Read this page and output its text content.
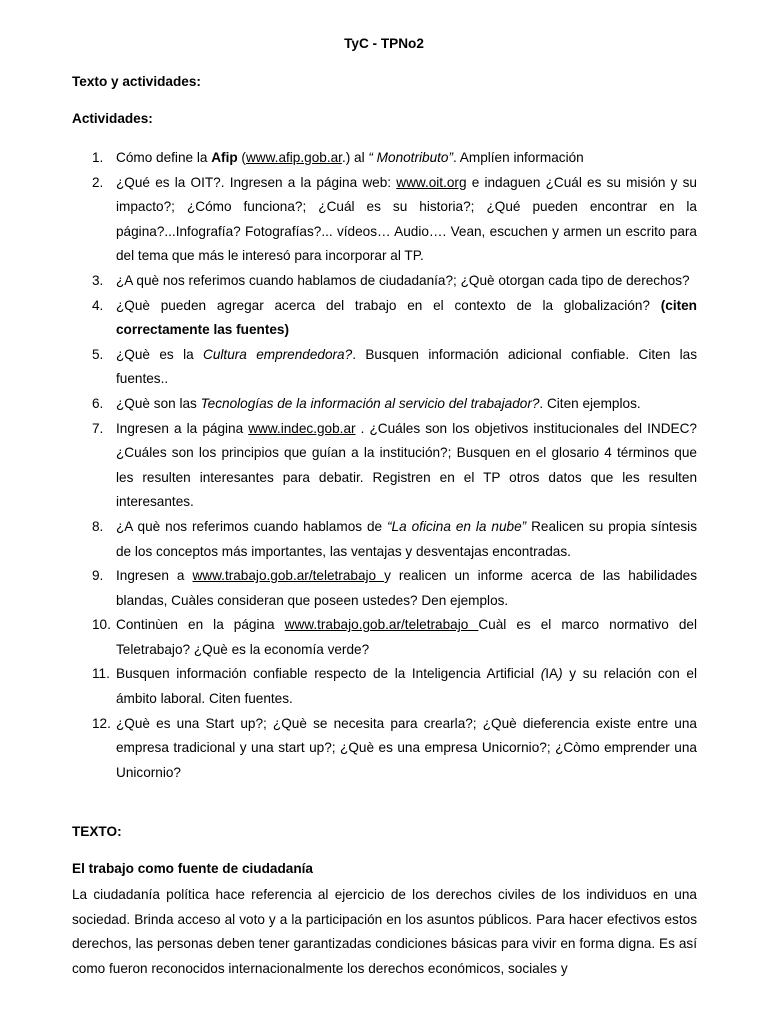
TyC - TPNo2

Texto y actividades:

Actividades:

1. Cómo define la Afip (www.afip.gob.ar.) al “ Monotributo”. Amplíen información
2. ¿Qué es la OIT?. Ingresen a la página web: www.oit.org e indaguen ¿Cuál es su misión y su impacto?; ¿Cómo funciona?; ¿Cuál es su historia?; ¿Qué pueden encontrar en la página?...Infografía? Fotografías?... vídeos… Audio…. Vean, escuchen y armen un escrito para del tema que más le interesó para incorporar al TP.
3. ¿A què nos referimos cuando hablamos de ciudadanía?; ¿Què otorgan cada tipo de derechos?
4. ¿Què pueden agregar acerca del trabajo en el contexto de la globalización? (citen correctamente las fuentes)
5. ¿Què es la Cultura emprendedora?. Busquen información adicional confiable. Citen las fuentes..
6. ¿Què son las Tecnologías de la información al servicio del trabajador?. Citen ejemplos.
7. Ingresen a la página www.indec.gob.ar . ¿Cuáles son los objetivos institucionales del INDEC? ¿Cuáles son los principios que guían a la institución?; Busquen en el glosario 4 términos que les resulten interesantes para debatir. Registren en el TP otros datos que les resulten interesantes.
8. ¿A què nos referimos cuando hablamos de “La oficina en la nube” Realicen su propia síntesis de los conceptos más importantes, las ventajas y desventajas encontradas.
9. Ingresen a www.trabajo.gob.ar/teletrabajo y realicen un informe acerca de las habilidades blandas, Cuàles consideran que poseen ustedes? Den ejemplos.
10. Continùen en la página www.trabajo.gob.ar/teletrabajo Cuàl es el marco normativo del Teletrabajo? ¿Què es la economía verde?
11. Busquen información confiable respecto de la Inteligencia Artificial (IA) y su relación con el ámbito laboral. Citen fuentes.
12. ¿Què es una Start up?; ¿Què se necesita para crearla?; ¿Què dieferencia existe entre una empresa tradicional y una start up?; ¿Què es una empresa Unicornio?; ¿Còmo emprender una Unicornio?

TEXTO:

El trabajo como fuente de ciudadanía

La ciudadanía política hace referencia al ejercicio de los derechos civiles de los individuos en una sociedad. Brinda acceso al voto y a la participación en los asuntos públicos. Para hacer efectivos estos derechos, las personas deben tener garantizadas condiciones básicas para vivir en forma digna. Es así como fueron reconocidos internacionalmente los derechos económicos, sociales y
